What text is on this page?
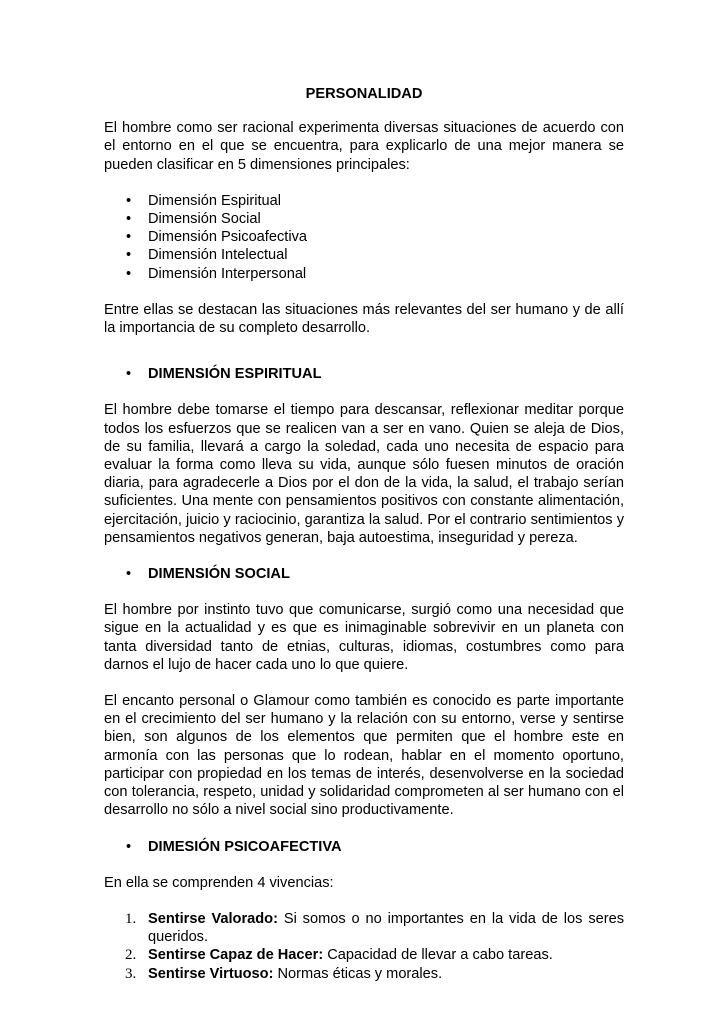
PERSONALIDAD

El hombre como ser racional experimenta diversas situaciones de acuerdo con el entorno en el que se encuentra, para explicarlo de una mejor manera se pueden clasificar en 5 dimensiones principales:

• Dimensión Espiritual
• Dimensión Social
• Dimensión Psicoafectiva
• Dimensión Intelectual
• Dimensión Interpersonal

Entre ellas se destacan las situaciones más relevantes del ser humano y de allí la importancia de su completo desarrollo.

• DIMENSIÓN ESPIRITUAL

El hombre debe tomarse el tiempo para descansar, reflexionar meditar porque todos los esfuerzos que se realicen van a ser en vano. Quien se aleja de Dios, de su familia, llevará a cargo la soledad, cada uno necesita de espacio para evaluar la forma como lleva su vida, aunque sólo fuesen minutos de oración diaria, para agradecerle a Dios por el don de la vida, la salud, el trabajo serían suficientes. Una mente con pensamientos positivos con constante alimentación, ejercitación, juicio y raciocinio, garantiza la salud. Por el contrario sentimientos y pensamientos negativos generan, baja autoestima, inseguridad y pereza.

• DIMENSIÓN SOCIAL

El hombre por instinto tuvo que comunicarse, surgió como una necesidad que sigue en la actualidad y es que es inimaginable sobrevivir en un planeta con tanta diversidad tanto de etnias, culturas, idiomas, costumbres como para darnos el lujo de hacer cada uno lo que quiere.

El encanto personal o Glamour como también es conocido es parte importante en el crecimiento del ser humano y la relación con su entorno, verse y sentirse bien, son algunos de los elementos que permiten que el hombre este en armonía con las personas que lo rodean, hablar en el momento oportuno, participar con propiedad en los temas de interés, desenvolverse en la sociedad con tolerancia, respeto, unidad y solidaridad comprometen al ser humano con el desarrollo no sólo a nivel social sino productivamente.

• DIMESIÓN PSICOAFECTIVA

En ella se comprenden 4 vivencias:

1. Sentirse Valorado: Si somos o no importantes en la vida de los seres queridos.
2. Sentirse Capaz de Hacer: Capacidad de llevar a cabo tareas.
3. Sentirse Virtuoso: Normas éticas y morales.
